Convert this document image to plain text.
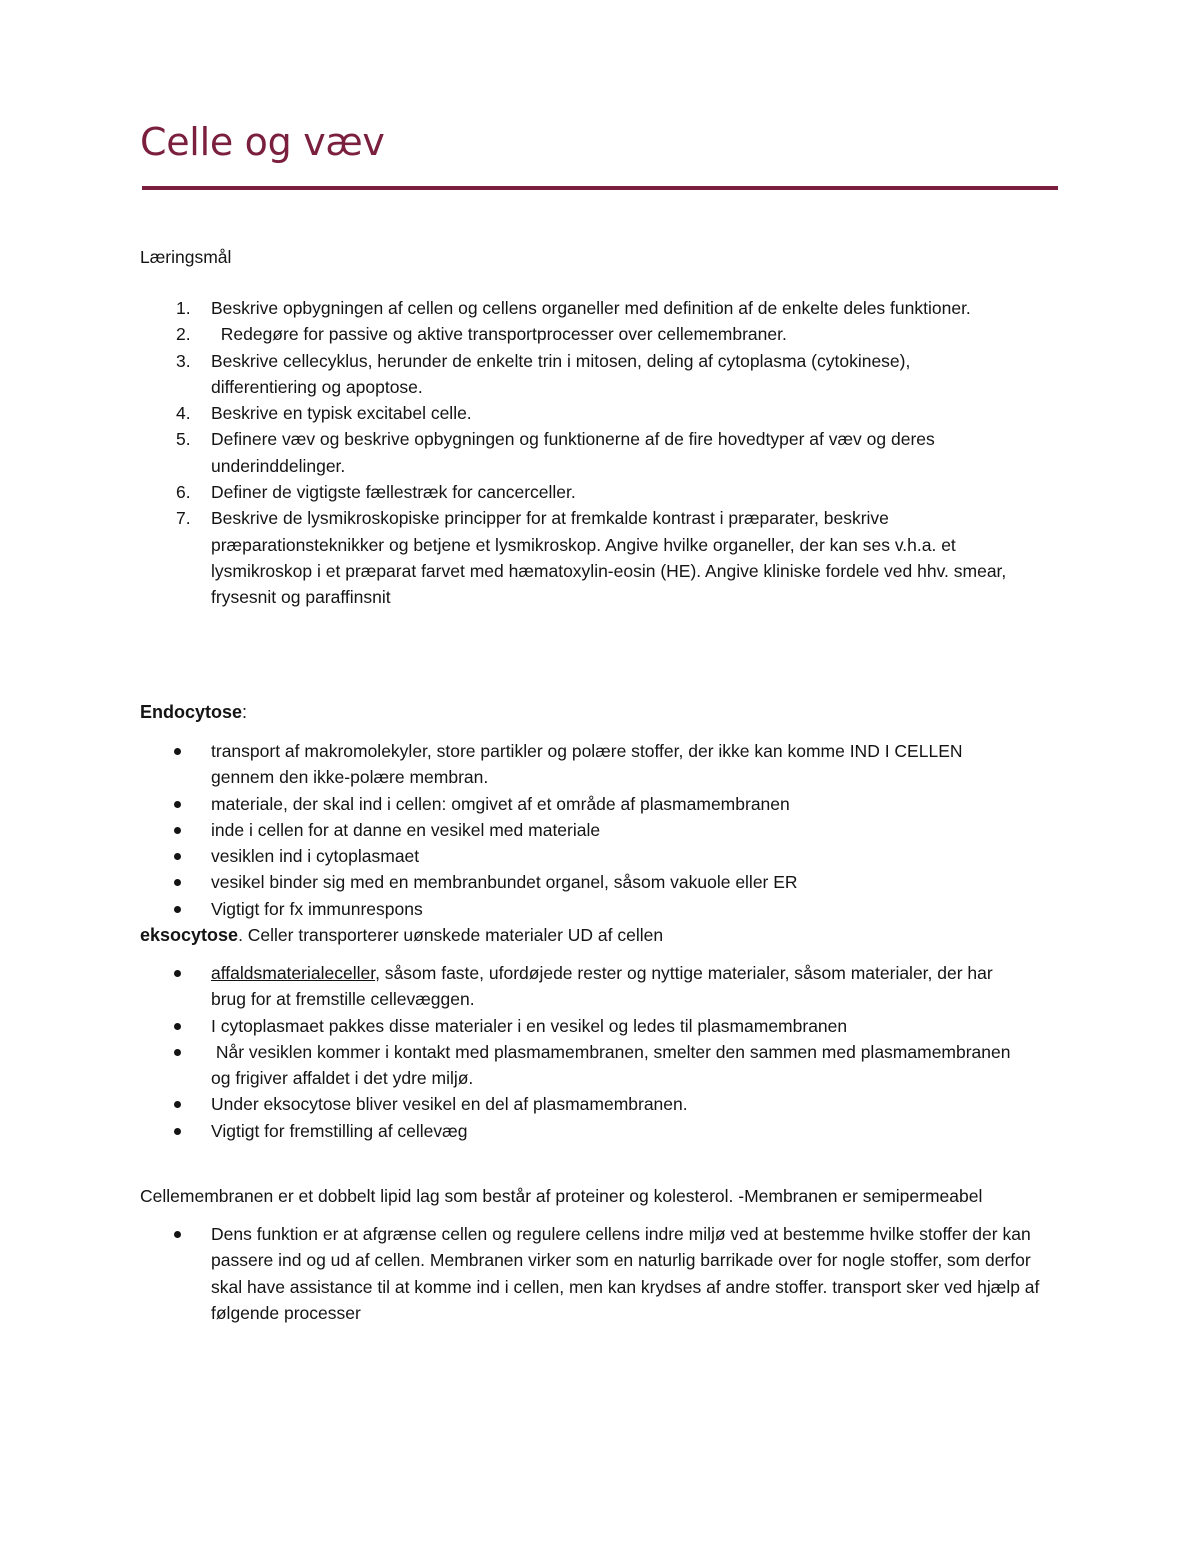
Celle og væv

Læringsmål

1. Beskrive opbygningen af cellen og cellens organeller med definition af de enkelte deles funktioner.
2. Redegøre for passive og aktive transportprocesser over cellemembraner.
3. Beskrive cellecyklus, herunder de enkelte trin i mitosen, deling af cytoplasma (cytokinese), differentiering og apoptose.
4. Beskrive en typisk excitabel celle.
5. Definere væv og beskrive opbygningen og funktionerne af de fire hovedtyper af væv og deres underinddelinger.
6. Definer de vigtigste fællestræk for cancerceller.
7. Beskrive de lysmikroskopiske principper for at fremkalde kontrast i præparater, beskrive præparationsteknikker og betjene et lysmikroskop. Angive hvilke organeller, der kan ses v.h.a. et lysmikroskop i et præparat farvet med hæmatoxylin-eosin (HE). Angive kliniske fordele ved hhv. smear, frysesnit og paraffinsnit

Endocytose:

transport af makromolekyler, store partikler og polære stoffer, der ikke kan komme IND I CELLEN gennem den ikke-polære membran.
materiale, der skal ind i cellen: omgivet af et område af plasmamembranen
inde i cellen for at danne en vesikel med materiale
vesiklen ind i cytoplasmaet
vesikel binder sig med en membranbundet organel, såsom vakuole eller ER
Vigtigt for fx immunrespons

eksocytose. Celler transporterer uønskede materialer UD af cellen

affaldsmaterialeceller, såsom faste, ufordøjede rester og nyttige materialer, såsom materialer, der har brug for at fremstille cellevæggen.
I cytoplasmaet pakkes disse materialer i en vesikel og ledes til plasmamembranen
Når vesiklen kommer i kontakt med plasmamembranen, smelter den sammen med plasmamembranen og frigiver affaldet i det ydre miljø.
Under eksocytose bliver vesikel en del af plasmamembranen.
Vigtigt for fremstilling af cellevæg

Cellemembranen er et dobbelt lipid lag som består af proteiner og kolesterol. -Membranen er semipermeabel

Dens funktion er at afgrænse cellen og regulere cellens indre miljø ved at bestemme hvilke stoffer der kan passere ind og ud af cellen. Membranen virker som en naturlig barrikade over for nogle stoffer, som derfor skal have assistance til at komme ind i cellen, men kan krydses af andre stoffer. transport sker ved hjælp af følgende processer
